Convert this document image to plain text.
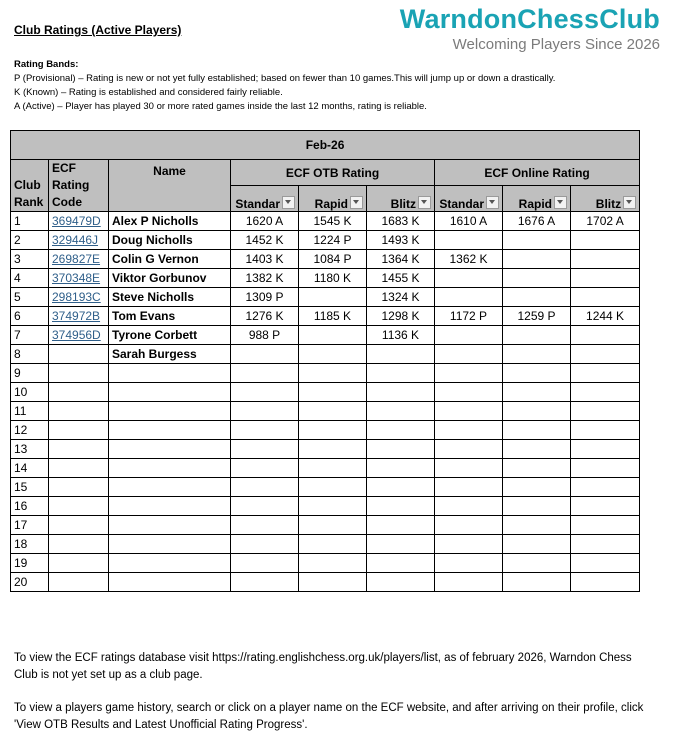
Club Ratings (Active Players)	WarndonChessClub
Welcoming Players Since 2026
Rating Bands:
P (Provisional) – Rating is new or not yet fully established; based on fewer than 10 games.This will jump up or down a drastically.
K (Known) – Rating is established and considered fairly reliable.
A (Active) – Player has played 30 or more rated games inside the last 12 months, rating is reliable.
Feb-26								
Club Rank	ECF Rating Code	Name	ECF OTB Rating			ECF Online Rating		
			Standar	Rapid	Blitz	Standar	Rapid	Blitz
1	369479D	Alex P Nicholls	1620 A	1545 K	1683 K	1610 A	1676 A	1702 A
2	329446J	Doug Nicholls	1452 K	1224 P	1493 K			
3	269827E	Colin G Vernon	1403 K	1084 P	1364 K	1362 K		
4	370348E	Viktor Gorbunov	1382 K	1180 K	1455 K			
5	298193C	Steve Nicholls	1309 P		1324 K			
6	374972B	Tom Evans	1276 K	1185 K	1298 K	1172 P	1259 P	1244 K
7	374956D	Tyrone Corbett	988 P		1136 K			
8		Sarah Burgess						
9								
10								
11								
12								
13								
14								
15								
16								
17								
18								
19								
20								
To view the ECF ratings database visit https://rating.englishchess.org.uk/players/list, as of february 2026, Warndon Chess Club is not yet set up as a club page.
To view a players game history, search or click on a player name on the ECF website, and after arriving on their profile, click 'View OTB Results and Latest Unofficial Rating Progress'.
